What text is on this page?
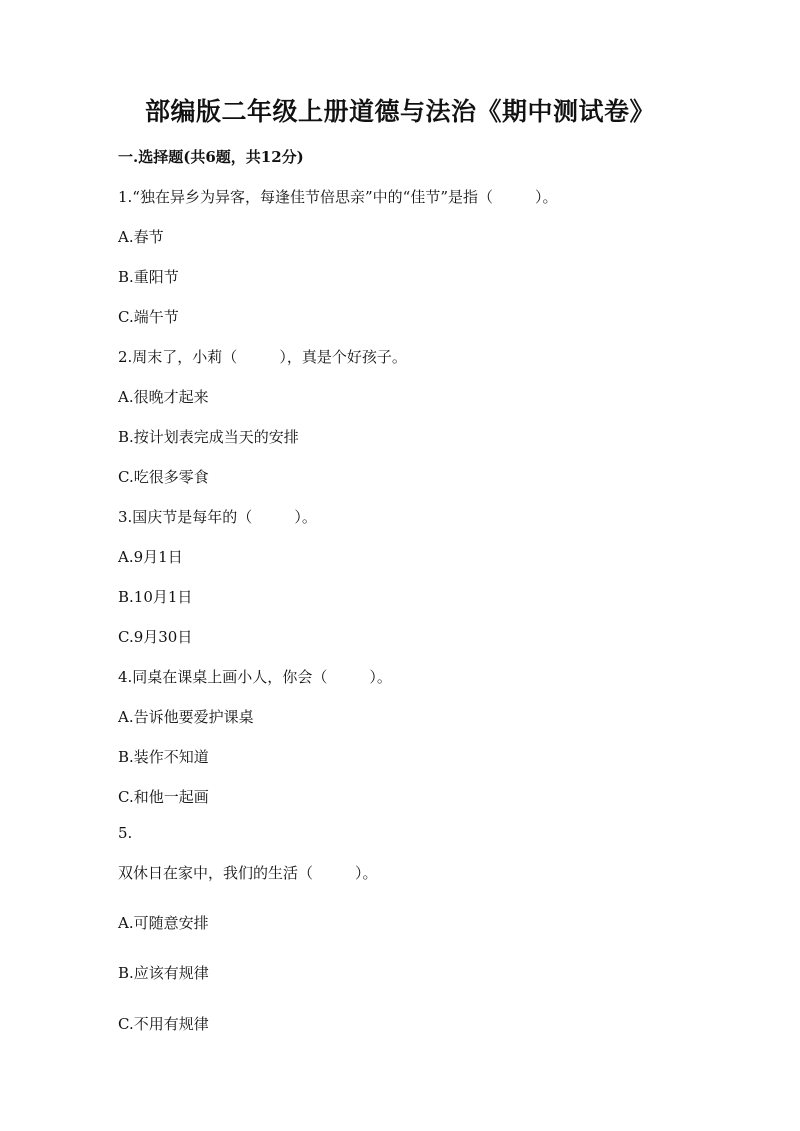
部编版二年级上册道德与法治《期中测试卷》
一.选择题(共6题，共12分)
1.“独在异乡为异客，每逢佳节倍思亲”中的“佳节”是指（	）。
A.春节
B.重阳节
C.端午节
2.周末了，小莉（	），真是个好孩子。
A.很晚才起来
B.按计划表完成当天的安排
C.吃很多零食
3.国庆节是每年的（	）。
A.9月1日
B.10月1日
C.9月30日
4.同桌在课桌上画小人，你会（	）。
A.告诉他要爱护课桌
B.装作不知道
C.和他一起画
5.
双休日在家中，我们的生活（	）。
A.可随意安排
B.应该有规律
C.不用有规律
